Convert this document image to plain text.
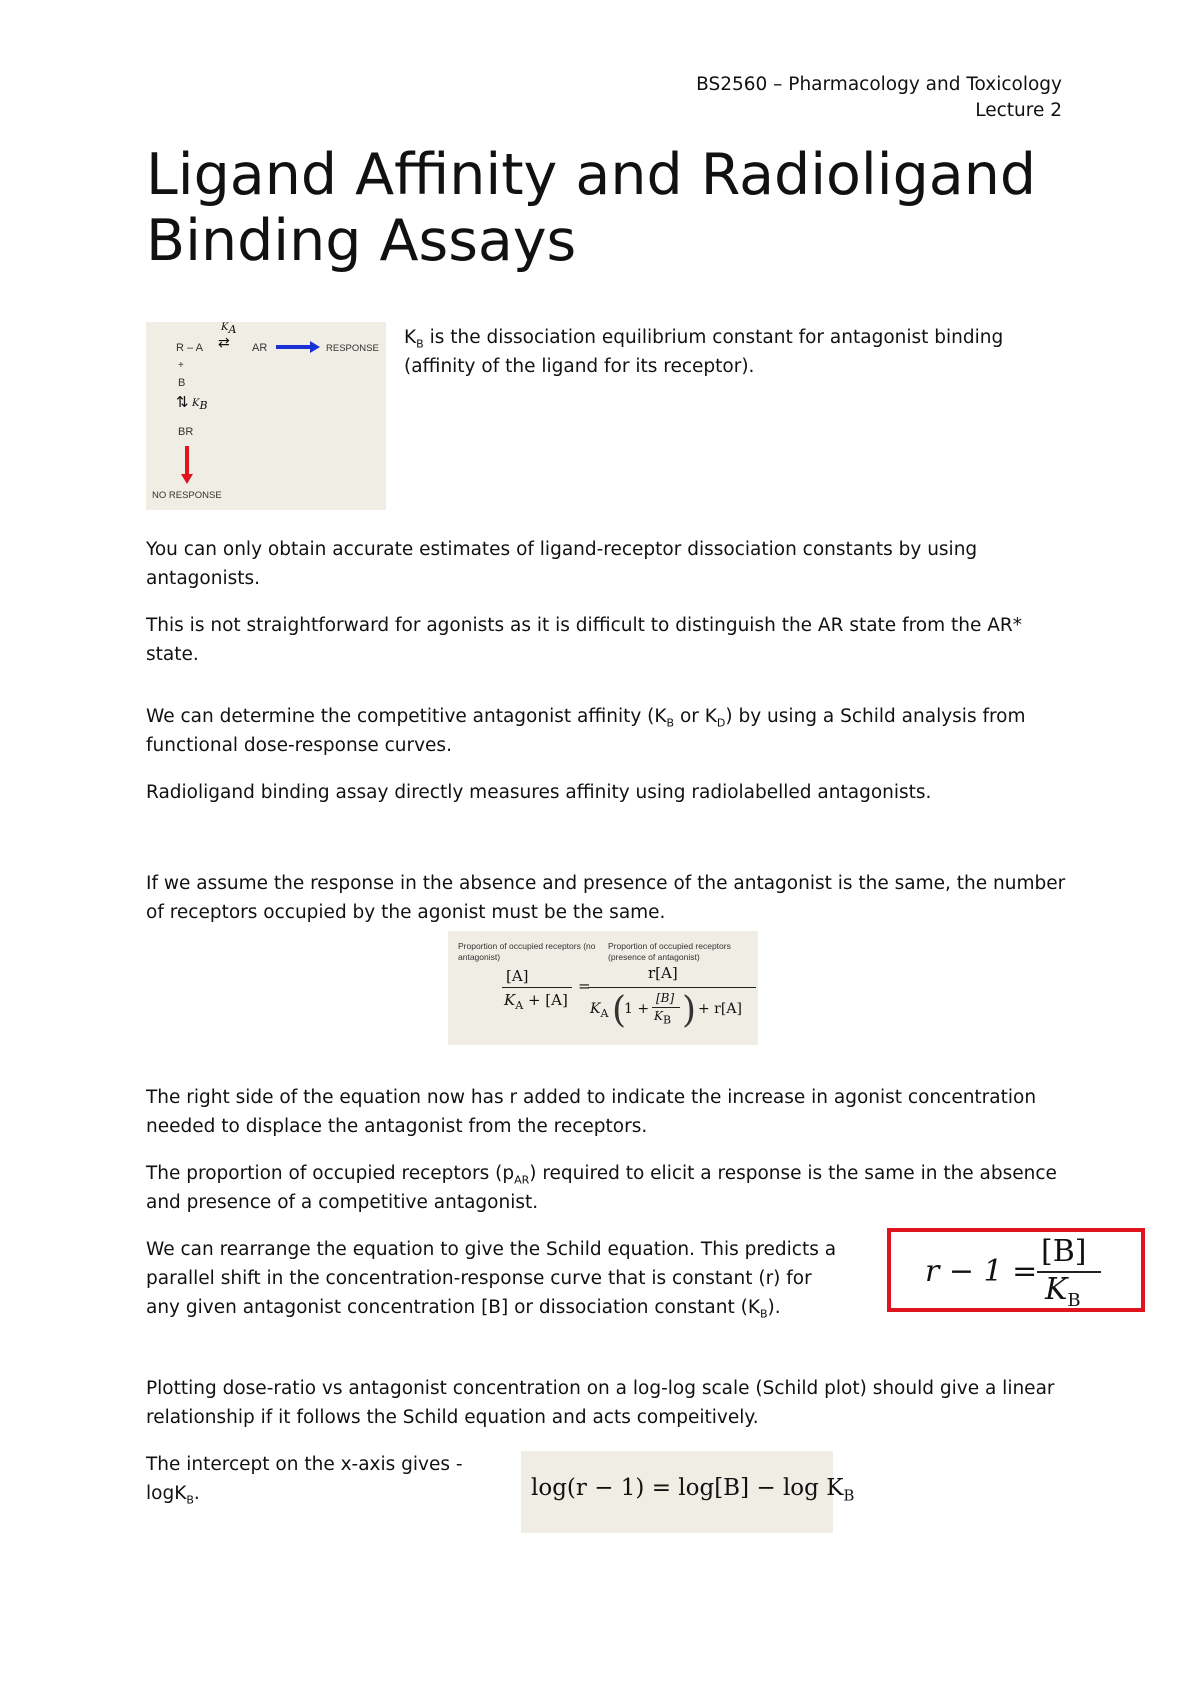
BS2560 – Pharmacology and Toxicology
Lecture 2
Ligand Affinity and Radioligand Binding Assays
R – A
$K_A$
⇄ AR	RESPONSE
+
B
⇅ $K_B$
BR
NO RESPONSE

$K_B$ is the dissociation equilibrium constant for antagonist binding (affinity of the ligand for its receptor).

You can only obtain accurate estimates of ligand-receptor dissociation constants by using antagonists.

This is not straightforward for agonists as it is difficult to distinguish the AR state from the AR* state.

We can determine the competitive antagonist affinity ($K_B$ or $K_D$) by using a Schild analysis from functional dose-response curves.

Radioligand binding assay directly measures affinity using radiolabelled antagonists.

If we assume the response in the absence and presence of the antagonist is the same, the number of receptors occupied by the agonist must be the same.

Proportion of occupied receptors (no antagonist)
Proportion of occupied receptors (presence of antagonist)
[A]
$K_A + [A]$
=
r[A]
$K_A$ (
1 +
[B]
$K_B$ ) + r[A]

The right side of the equation now has r added to indicate the increase in agonist concentration needed to displace the antagonist from the receptors.

The proportion of occupied receptors $(p_{AR})$ required to elicit a response is the same in the absence and presence of a competitive antagonist.

We can rearrange the equation to give the Schild equation. This predicts a parallel shift in the concentration-response curve that is constant (r) for any given antagonist concentration [B] or dissociation constant $(K_B)$.

r − 1 =
[B]
$K_B$

Plotting dose-ratio vs antagonist concentration on a log-log scale (Schild plot) should give a linear relationship if it follows the Schild equation and acts compeitively.

The intercept on the x-axis gives -logK$_B$.	$\log(r - 1) = \log[B] - \log K_B$
